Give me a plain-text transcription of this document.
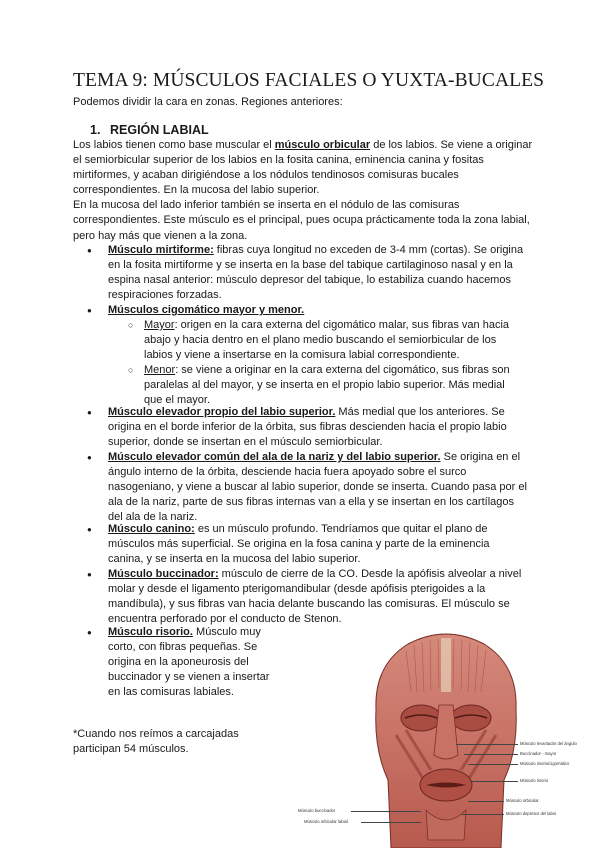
TEMA 9: MÚSCULOS FACIALES O YUXTA-BUCALES

Podemos dividir la cara en zonas. Regiones anteriores:

1. REGIÓN LABIAL

Los labios tienen como base muscular el músculo orbicular de los labios. Se viene a originar el semiorbicular superior de los labios en la fosita canina, eminencia canina y fositas mirtiformes, y acaban dirigiéndose a los nódulos tendinosos comisuras bucales correspondientes. En la mucosa del labio superior.

En la mucosa del lado inferior también se inserta en el nódulo de las comisuras correspondientes. Este músculo es el principal, pues ocupa prácticamente toda la zona labial, pero hay más que vienen a la zona.

● Músculo mirtiforme: fibras cuya longitud no exceden de 3-4 mm (cortas). Se origina en la fosita mirtiforme y se inserta en la base del tabique cartilaginoso nasal y en la espina nasal anterior: músculo depresor del tabique, lo estabiliza cuando hacemos respiraciones forzadas.
● Músculos cigomático mayor y menor.
○ Mayor: origen en la cara externa del cigomático malar, sus fibras van hacia abajo y hacia dentro en el plano medio buscando el semiorbicular de los labios y viene a insertarse en la comisura labial correspondiente.
○ Menor: se viene a originar en la cara externa del cigomático, sus fibras son paralelas al del mayor, y se inserta en el propio labio superior. Más medial que el mayor.
● Músculo elevador propio del labio superior. Más medial que los anteriores. Se origina en el borde inferior de la órbita, sus fibras descienden hacia el propio labio superior, donde se insertan en el músculo semiorbicular.
● Músculo elevador común del ala de la nariz y del labio superior. Se origina en el ángulo interno de la órbita, desciende hacia fuera apoyado sobre el surco nasogeniano, y viene a buscar al labio superior, donde se inserta. Cuando pasa por el ala de la nariz, parte de sus fibras internas van a ella y se insertan en los cartílagos del ala de la nariz.
● Músculo canino: es un músculo profundo. Tendríamos que quitar el plano de músculos más superficial. Se origina en la fosa canina y parte de la eminencia canina, y se inserta en la mucosa del labio superior.
● Músculo buccinador: músculo de cierre de la CO. Desde la apófisis alveolar a nivel molar y desde el ligamento pterigomandibular (desde apófisis pterigoides a la mandíbula), y sus fibras van hacia delante buscando las comisuras. El músculo se encuentra perforado por el conducto de Stenon.
● Músculo risorio. Músculo muy corto, con fibras pequeñas. Se origina en la aponeurosis del buccinador y se vienen a insertar en las comisuras labiales.

*Cuando nos reímos a carcajadas participan 54 músculos.	Músculo levantador del ángulo
Buccinador - mayor
Músculo risorio/cigomático
Músculo risorio
Músculo orbicular
Músculo depresor del labio
Músculo buccinador
Músculo orbicular labial
